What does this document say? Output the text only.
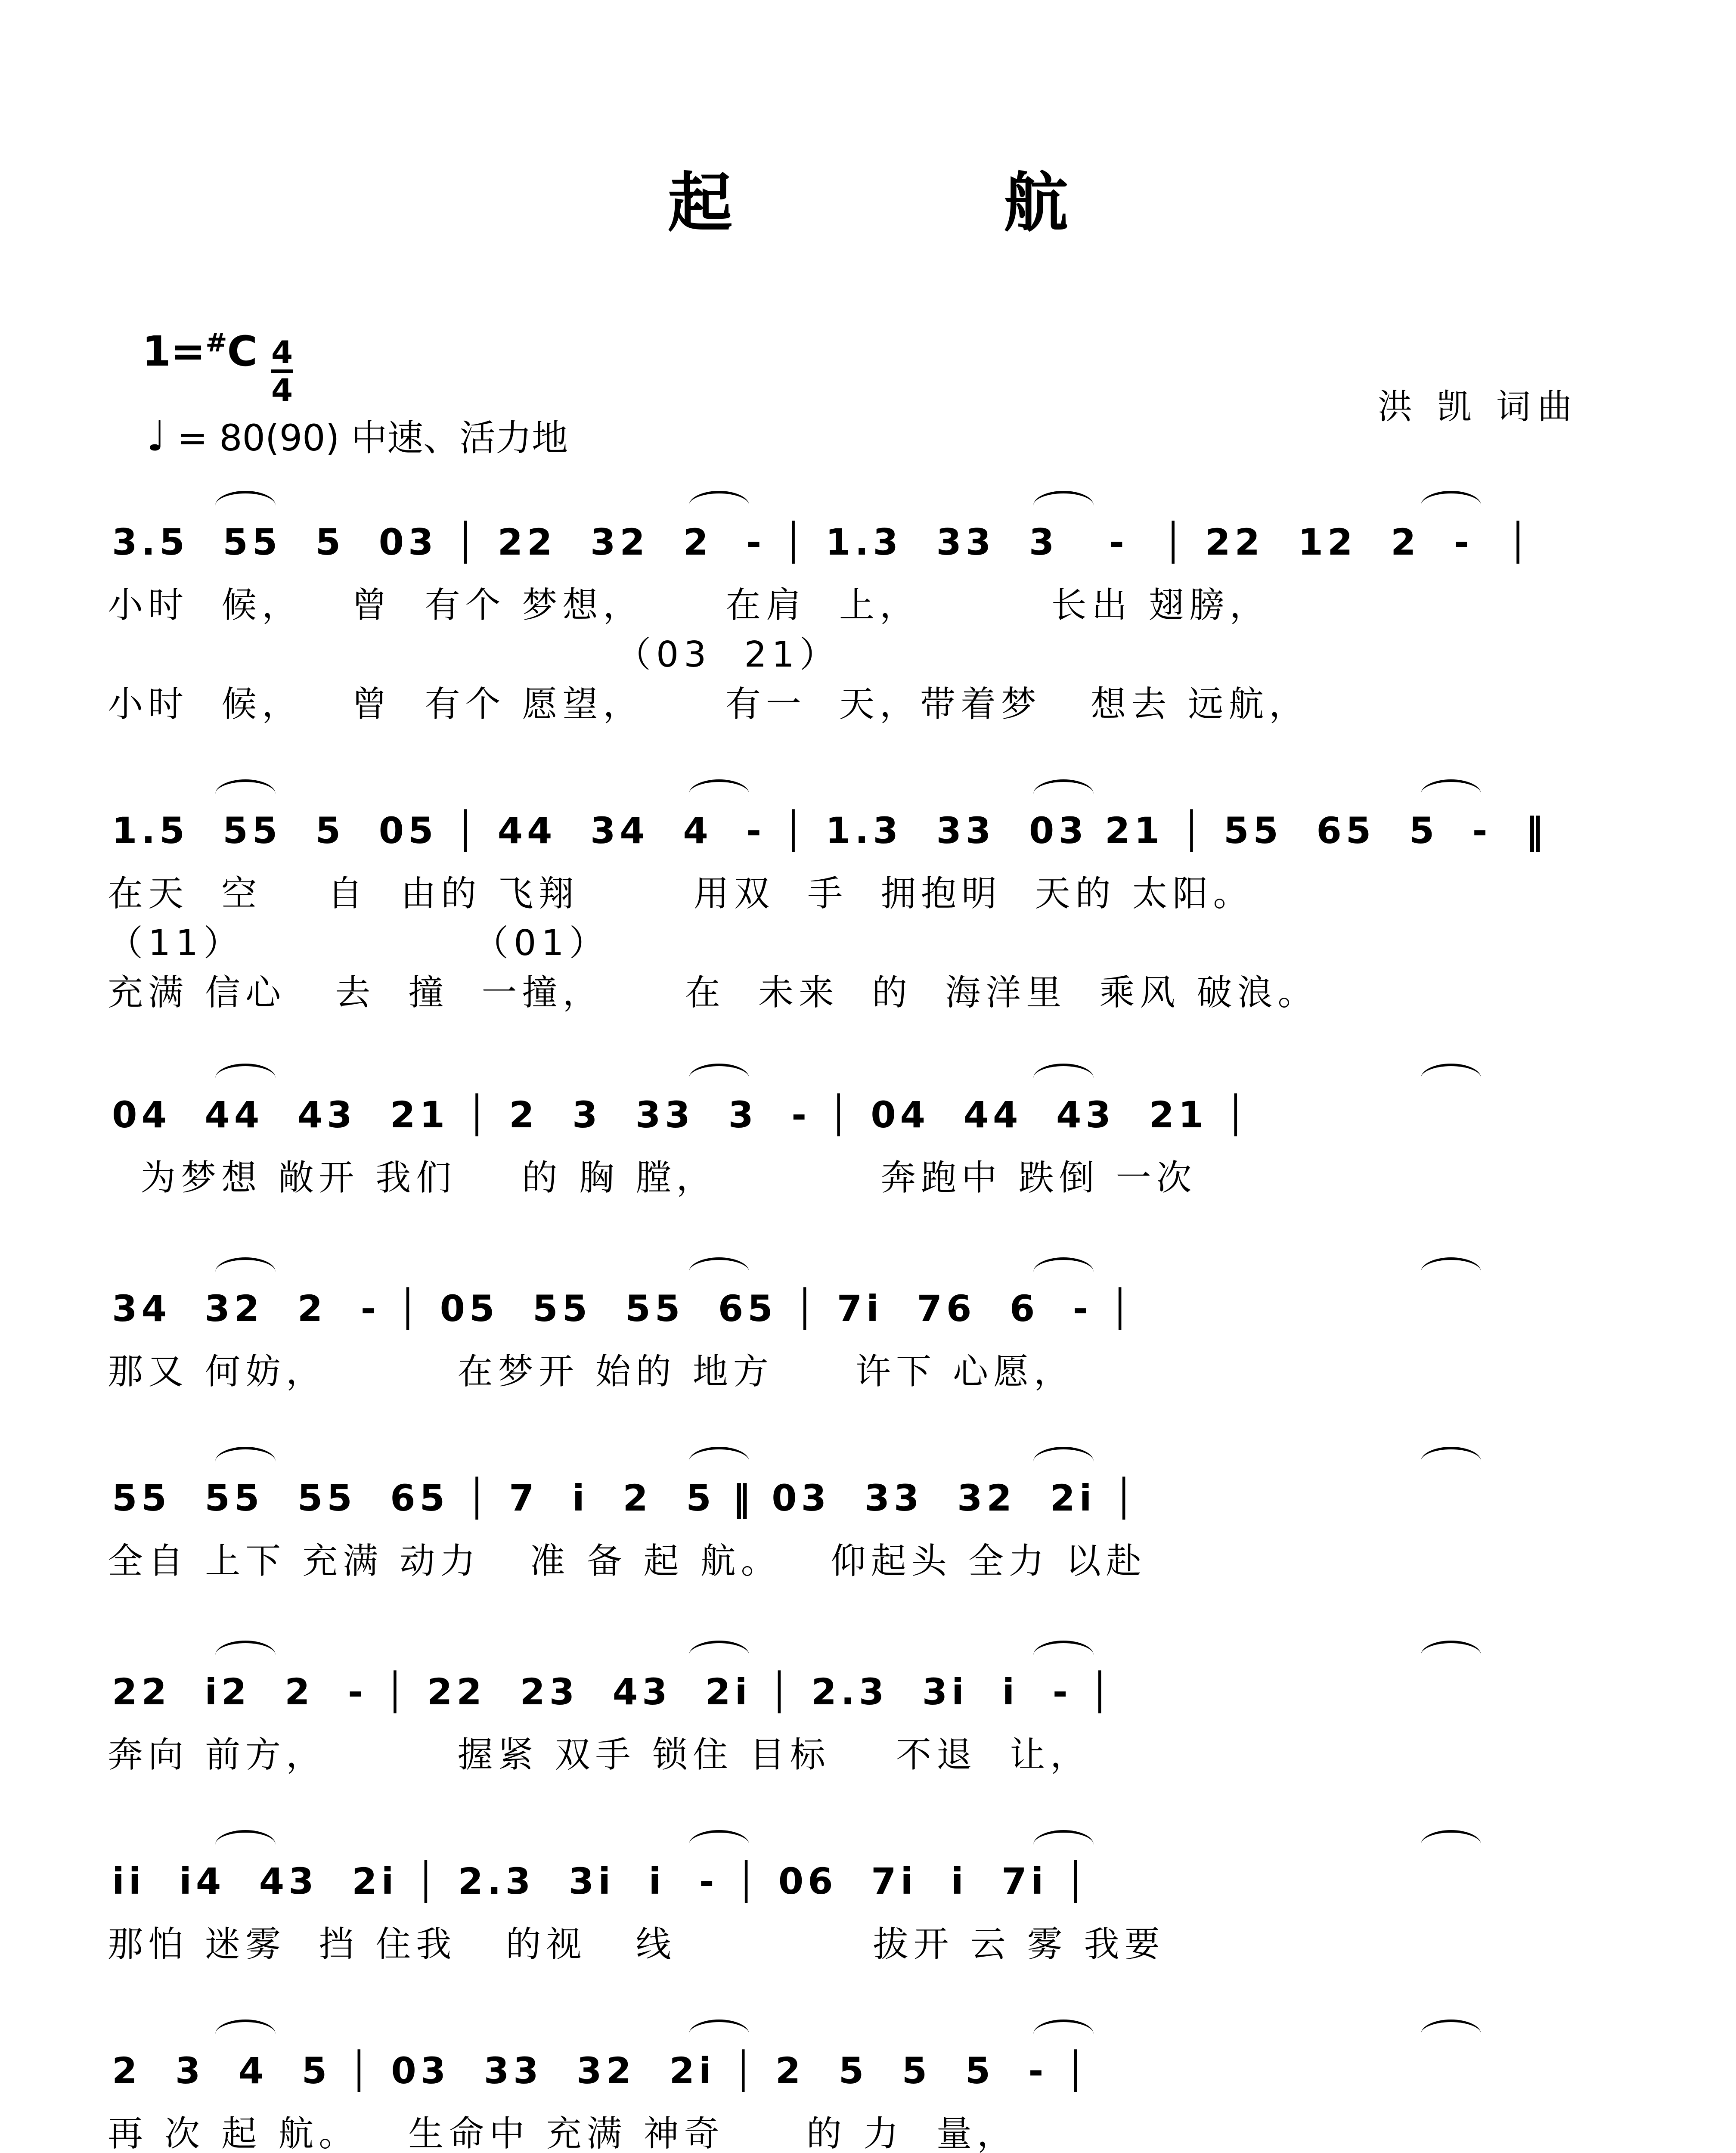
起　航
1=#C 4
4
♩ = 80(90) 中速、活力地
洪 凯 词曲
3.5  55  5  03 │ 22  32  2  - │ 1.3  33  3   -  │ 22  12  2  -  │
小时  候，   曾  有个 梦想，     在肩  上，        长出 翅膀，
（03  21）
小时  候，   曾  有个 愿望，     有一  天，带着梦   想去 远航，
1.5  55  5  05 │ 44  34  4  - │ 1.3  33  03 21 │ 55  65  5  -  ‖
在天  空    自  由的 飞翔       用双  手  拥抱明  天的 太阳。
（11）              （01）
充满 信心   去  撞  一撞，     在  未来  的  海洋里  乘风 破浪。
04  44  43  21 │ 2  3  33  3  - │ 04  44  43  21 │
为梦想 敞开 我们    的 胸 膛，          奔跑中 跌倒 一次
34  32  2  - │ 05  55  55  65 │ 7i  76  6  - │
那又 何妨，        在梦开 始的 地方     许下 心愿，
55  55  55  65 │ 7  i  2  5 ‖ 03  33  32  2i │
全自 上下 充满 动力   准 备 起 航。   仰起头 全力 以赴
22  i2  2  - │ 22  23  43  2i │ 2.3  3i  i  - │
奔向 前方，        握紧 双手 锁住 目标    不退  让，
ii  i4  43  2i │ 2.3  3i  i  - │ 06  7i  i  7i │
那怕 迷雾  挡 住我   的视   线            拔开 云 雾 我要
2  3  4  5 │ 03  33  32  2i │ 2  5  5  5  - │
再 次 起 航。   生命中 充满 神奇     的 力  量，
